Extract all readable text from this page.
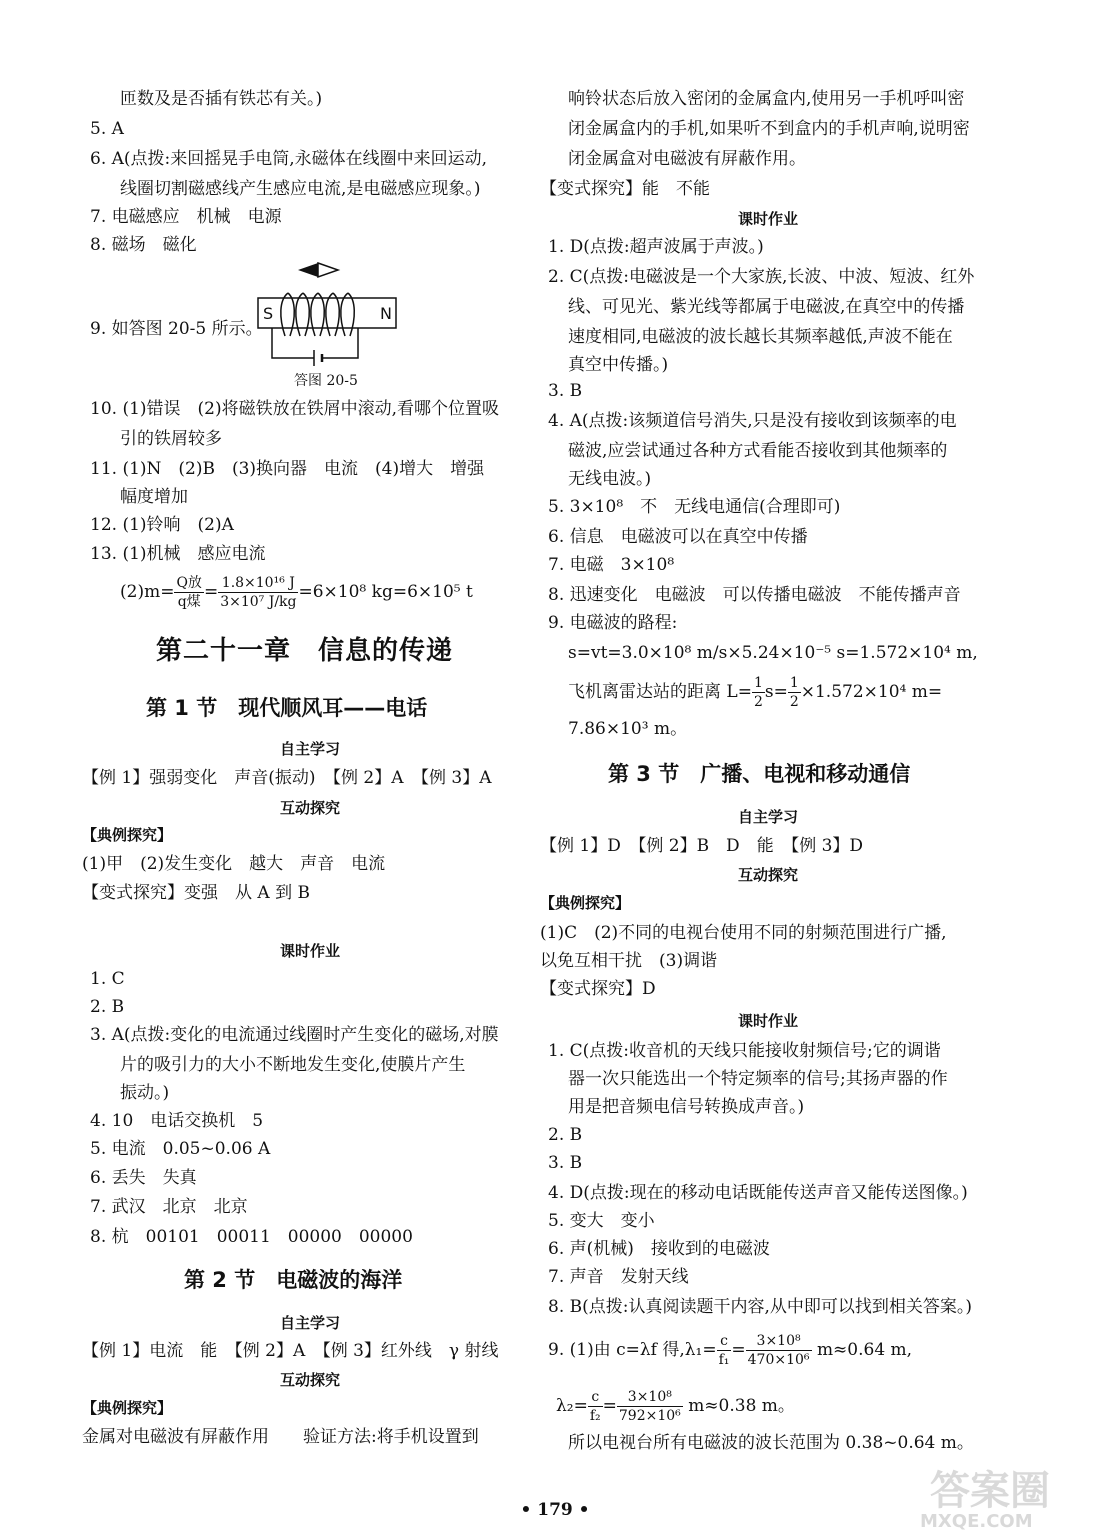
匝数及是否插有铁芯有关。)
5. A
6. A(点拨:来回摇晃手电筒,永磁体在线圈中来回运动,
线圈切割磁感线产生感应电流,是电磁感应现象。)
7. 电磁感应　机械　电源
8. 磁场　磁化
S	N
9. 如答图 20-5 所示。
答图 20-5
10. (1)错误　(2)将磁铁放在铁屑中滚动,看哪个位置吸
引的铁屑较多
11. (1)N　(2)B　(3)换向器　电流　(4)增大　增强
幅度增加
12. (1)铃响　(2)A
13. (1)机械　感应电流
$(2)m= \frac{\text{Q放}}{\text{q煤}} = \frac{\text{1.8×10¹⁶ J}}{\text{3×10⁷ J/kg}} =6\times 10^8$ kg=6×10⁵ t
第二十一章　信息的传递
第 1 节　现代顺风耳——电话
自主学习
【例 1】强弱变化　声音(振动)　【例 2】A　【例 3】A
互动探究
【典例探究】
(1)甲　(2)发生变化　越大　声音　电流
【变式探究】变强　从 A 到 B
课时作业
1. C
2. B
3. A(点拨:变化的电流通过线圈时产生变化的磁场,对膜
片的吸引力的大小不断地发生变化,使膜片产生
振动。)
4. 10　电话交换机　5
5. 电流　0.05~0.06 A
6. 丢失　失真
7. 武汉　北京　北京
8. 杭　00101　00011　00000　00000
第 2 节　电磁波的海洋
自主学习
【例 1】电流　能　【例 2】A　【例 3】红外线　γ 射线
互动探究
【典例探究】
金属对电磁波有屏蔽作用　　验证方法:将手机设置到
响铃状态后放入密闭的金属盒内,使用另一手机呼叫密
闭金属盒内的手机,如果听不到盒内的手机声响,说明密
闭金属盒对电磁波有屏蔽作用。
【变式探究】能　不能
课时作业
1. D(点拨:超声波属于声波。)
2. C(点拨:电磁波是一个大家族,长波、中波、短波、红外
线、可见光、紫光线等都属于电磁波,在真空中的传播
速度相同,电磁波的波长越长其频率越低,声波不能在
真空中传播。)
3. B
4. A(点拨:该频道信号消失,只是没有接收到该频率的电
磁波,应尝试通过各种方式看能否接收到其他频率的
无线电波。)
5. 3×10⁸　不　无线电通信(合理即可)
6. 信息　电磁波可以在真空中传播
7. 电磁　3×10⁸
8. 迅速变化　电磁波　可以传播电磁波　不能传播声音
9. 电磁波的路程:
s=vt=3.0×10⁸ m/s×5.24×10⁻⁵ s=1.572×10⁴ m,
飞机离雷达站的距离 $L= \frac{1}{2} s= \frac{1}{2} \times 1.572\times 10^4$ m=
7.86×10³ m。
第 3 节　广播、电视和移动通信
自主学习
【例 1】D　【例 2】B　D　能　【例 3】D
互动探究
【典例探究】
(1)C　(2)不同的电视台使用不同的射频范围进行广播,
以免互相干扰　(3)调谐
【变式探究】D
课时作业
1. C(点拨:收音机的天线只能接收射频信号;它的调谐
器一次只能选出一个特定频率的信号;其扬声器的作
用是把音频电信号转换成声音。)
2. B
3. B
4. D(点拨:现在的移动电话既能传送声音又能传送图像。)
5. 变大　变小
6. 声(机械)　接收到的电磁波
7. 声音　发射天线
8. B(点拨:认真阅读题干内容,从中即可以找到相关答案。)
9. (1)由 c=λf 得$,\lambda_1= \frac{c}{\text{f₁}} = \frac{\text{3×10⁸}}{\text{470×10⁶}} m\approx 0.64$ m,
$\lambda_2= \frac{c}{\text{f₂}} = \frac{\text{3×10⁸}}{\text{792×10⁶}} m\approx 0.38$ m。
所以电视台所有电磁波的波长范围为 0.38~0.64 m。
• 179 •	答案圈
MXQE.COM
